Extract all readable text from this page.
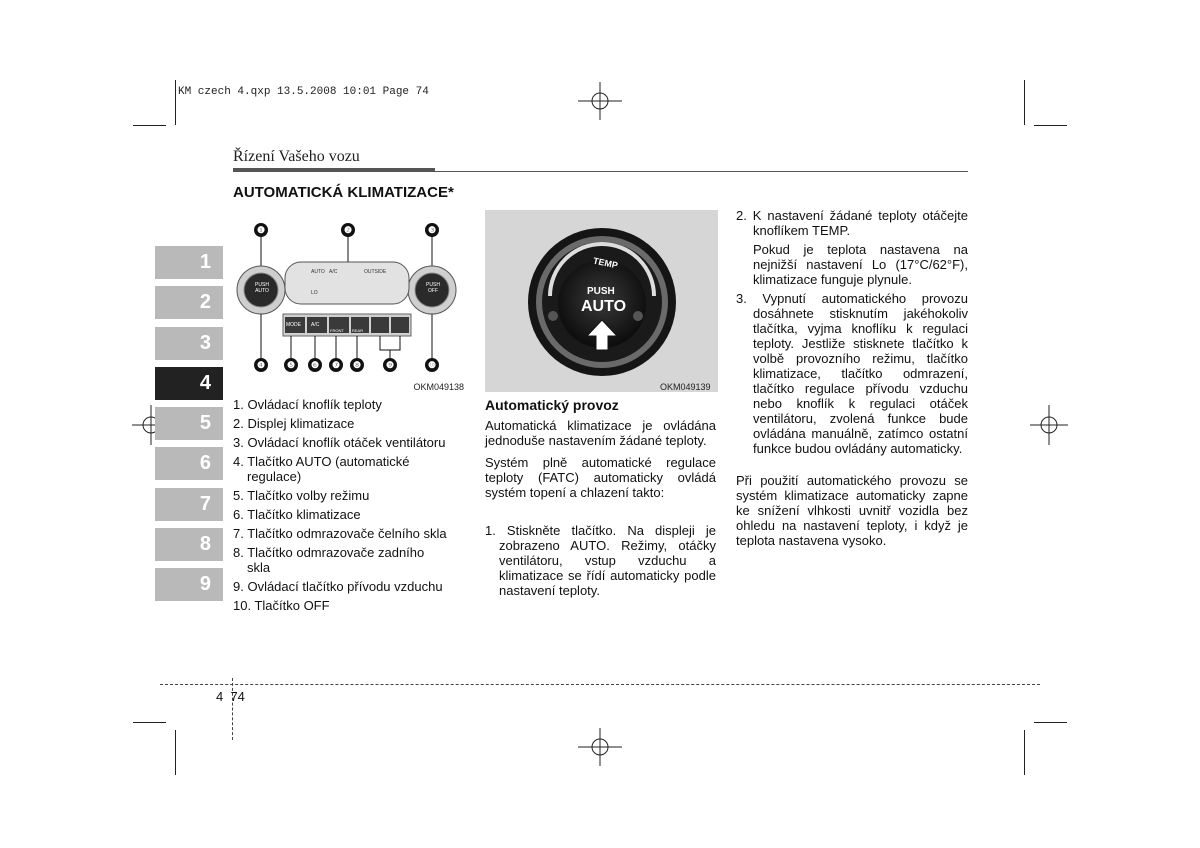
KM czech 4.qxp 13.5.2008 10:01 Page 74
Řízení Vašeho vozu
AUTOMATICKÁ KLIMATIZACE*
1
2
3
4
5
6
7
8
9
❶	❷	❸
❹	❺	❻	❼	❽	❾	❿
PUSH
AUTO
PUSH
OFF
AUTO A/C	OUTSIDE
LO
MODE A/C
FRONT REAR
OKM049138
1. Ovládací knoflík teploty
2. Displej klimatizace
3. Ovládací knoflík otáček ventilátoru
4. Tlačítko AUTO (automatické
regulace)
5. Tlačítko volby režimu
6. Tlačítko klimatizace
7. Tlačítko odmrazovače čelního skla
8. Tlačítko odmrazovače zadního
skla
9. Ovládací tlačítko přívodu vzduchu
10. Tlačítko OFF
TEMP
PUSH
AUTO
OKM049139
Automatický provoz
Automatická klimatizace je ovládána jednoduše nastavením žádané teploty.
Systém plně automatické regulace teploty (FATC) automaticky ovládá systém topení a chlazení takto:
1. Stiskněte tlačítko. Na displeji je zobrazeno AUTO. Režimy, otáčky ventilátoru, vstup vzduchu a klimatizace se řídí automaticky podle nastavení teploty.
2. K nastavení žádané teploty otáčejte knoflíkem TEMP.
Pokud je teplota nastavena na nejnižší nastavení Lo (17°C/62°F), klimatizace funguje plynule.
3. Vypnutí automatického provozu dosáhnete stisknutím jakéhokoliv tlačítka, vyjma knoflíku k regulaci teploty. Jestliže stisknete tlačítko k volbě provozního režimu, tlačítko klimatizace, tlačítko odmrazení, tlačítko regulace přívodu vzduchu nebo knoflík k regulaci otáček ventilátoru, zvolená funkce bude ovládána manuálně, zatímco ostatní funkce budou ovládány automaticky.
Při použití automatického provozu se systém klimatizace automaticky zapne ke snížení vlhkosti uvnitř vozidla bez ohledu na nastavení teploty, i když je teplota nastavena vysoko.
4  74
